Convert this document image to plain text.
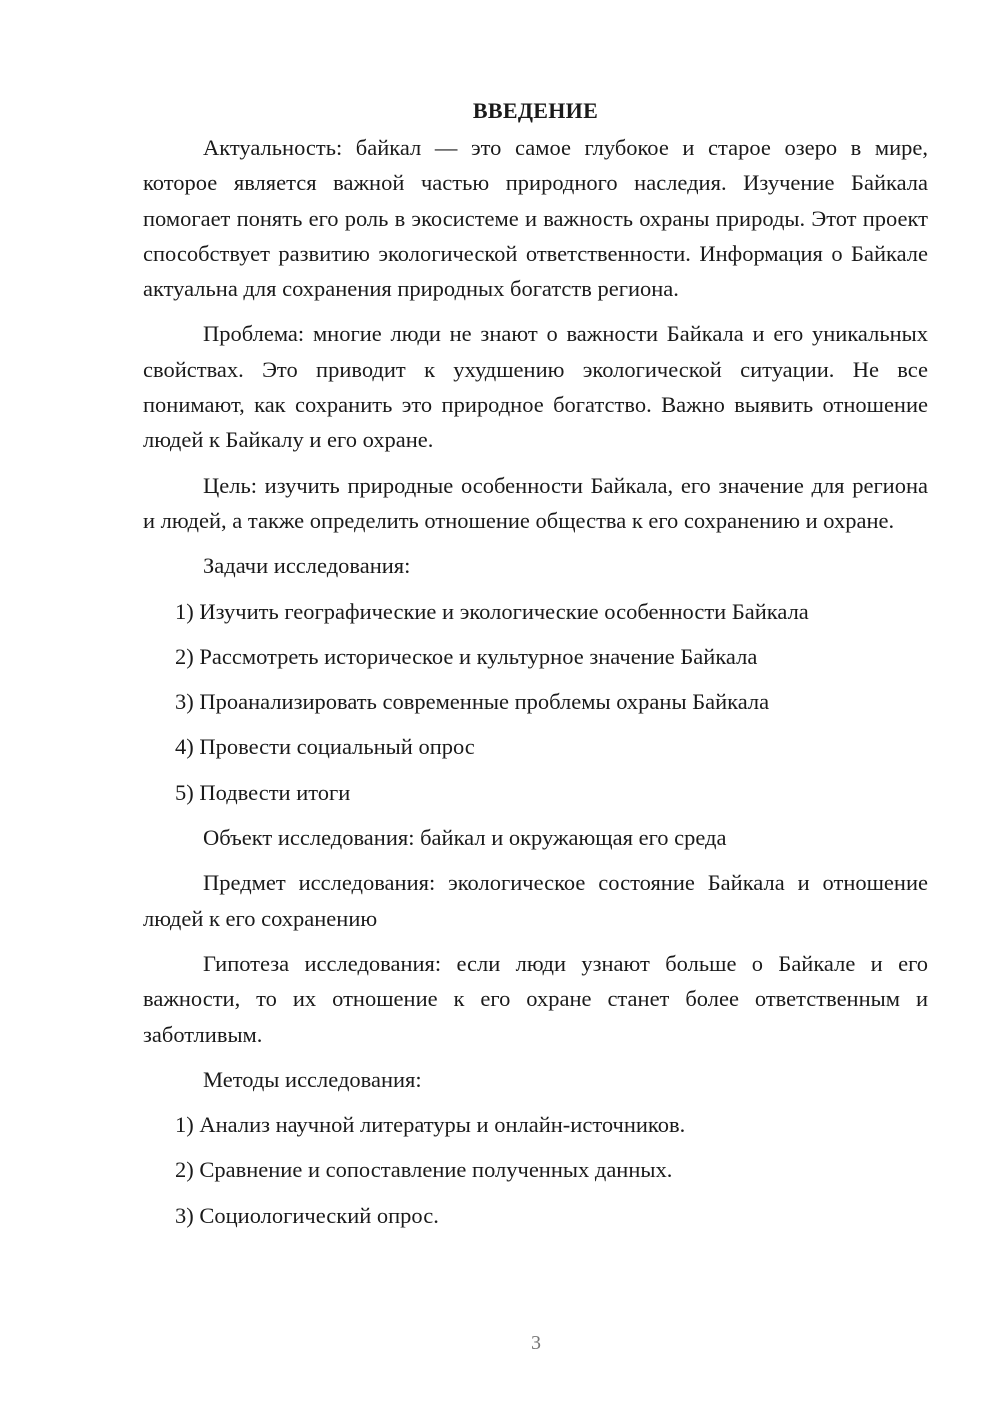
ВВЕДЕНИЕ

Актуальность: байкал — это самое глубокое и старое озеро в мире, которое является важной частью природного наследия. Изучение Байкала помогает понять его роль в экосистеме и важность охраны природы. Этот проект способствует развитию экологической ответственности. Информация о Байкале актуальна для сохранения природных богатств региона.

Проблема: многие люди не знают о важности Байкала и его уникальных свойствах. Это приводит к ухудшению экологической ситуации. Не все понимают, как сохранить это природное богатство. Важно выявить отношение людей к Байкалу и его охране.

Цель: изучить природные особенности Байкала, его значение для региона и людей, а также определить отношение общества к его сохранению и охране.

Задачи исследования:
1) Изучить географические и экологические особенности Байкала
2) Рассмотреть историческое и культурное значение Байкала
3) Проанализировать современные проблемы охраны Байкала
4) Провести социальный опрос
5) Подвести итоги
Объект исследования: байкал и окружающая его среда

Предмет исследования: экологическое состояние Байкала и отношение людей к его сохранению

Гипотеза исследования: если люди узнают больше о Байкале и его важности, то их отношение к его охране станет более ответственным и заботливым.

Методы исследования:
1) Анализ научной литературы и онлайн-источников.
2) Сравнение и сопоставление полученных данных.
3) Социологический опрос.
3
